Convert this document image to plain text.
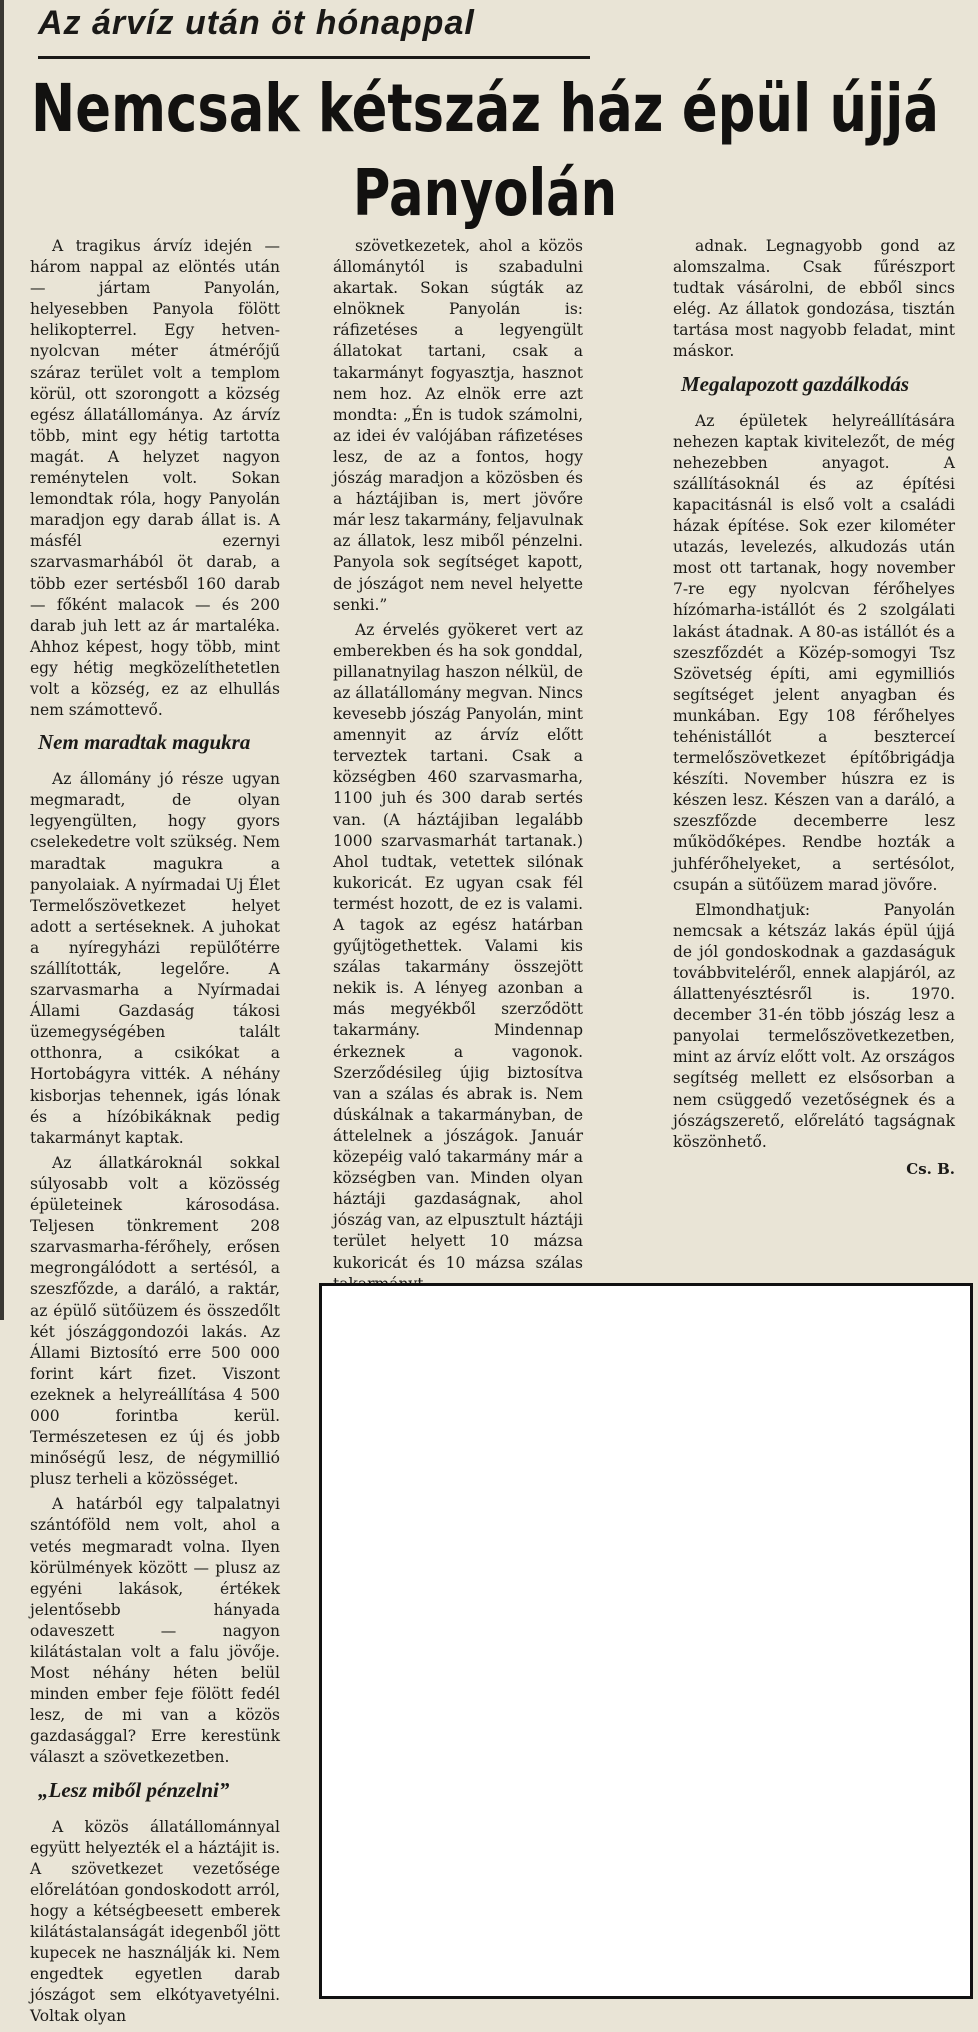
Az árvíz után öt hónappal
Nemcsak kétszáz ház épül újjá
Panyolán

A tragikus árvíz idején — három nappal az elöntés után — jártam Panyolán, helyesebben Panyola fölött helikopterrel. Egy hetven-nyolcvan méter átmérőjű száraz terület volt a templom körül, ott szorongott a község egész állatállománya. Az árvíz több, mint egy hétig tartotta magát. A helyzet nagyon reménytelen volt. Sokan lemondtak róla, hogy Panyolán maradjon egy darab állat is. A másfél ezernyi szarvasmarhából öt darab, a több ezer sertésből 160 darab — főként malacok — és 200 darab juh lett az ár martaléka. Ahhoz képest, hogy több, mint egy hétig megközelíthetetlen volt a község, ez az elhullás nem számottevő.

Nem maradtak magukra

Az állomány jó része ugyan megmaradt, de olyan legyengülten, hogy gyors cselekedetre volt szükség. Nem maradtak magukra a panyolaiak. A nyírmadai Uj Élet Termelőszövetkezet helyet adott a sertéseknek. A juhokat a nyíregyházi repülőtérre szállították, legelőre. A szarvasmarha a Nyírmadai Állami Gazdaság tákosi üzemegységében talált otthonra, a csikókat a Hortobágyra vitték. A néhány kisborjas tehennek, igás lónak és a hízóbikáknak pedig takarmányt kaptak.

Az állatkároknál sokkal súlyosabb volt a közösség épületeinek károsodása. Teljesen tönkrement 208 szarvasmarha-férőhely, erősen megrongálódott a sertésól, a szeszfőzde, a daráló, a raktár, az épülő sütőüzem és összedőlt két jószággondozói lakás. Az Állami Biztosító erre 500 000 forint kárt fizet. Viszont ezeknek a helyreállítása 4 500 000 forintba kerül. Természetesen ez új és jobb minőségű lesz, de négymillió plusz terheli a közösséget.

A határból egy talpalatnyi szántóföld nem volt, ahol a vetés megmaradt volna. Ilyen körülmények között — plusz az egyéni lakások, értékek jelentősebb hányada odaveszett — nagyon kilátástalan volt a falu jövője. Most néhány héten belül minden ember feje fölött fedél lesz, de mi van a közös gazdasággal? Erre kerestünk választ a szövetkezetben.

„Lesz miből pénzelni”

A közös állatállománnyal együtt helyezték el a háztájit is. A szövetkezet vezetősége előrelátóan gondoskodott arról, hogy a kétségbeesett emberek kilátástalanságát idegenből jött kupecek ne használják ki. Nem engedtek egyetlen darab jószágot sem elkótyavetyélni. Voltak olyan

szövetkezetek, ahol a közös állománytól is szabadulni akartak. Sokan súgták az elnöknek Panyolán is: ráfizetéses a legyengült állatokat tartani, csak a takarmányt fogyasztja, hasznot nem hoz. Az elnök erre azt mondta: „Én is tudok számolni, az idei év valójában ráfizetéses lesz, de az a fontos, hogy jószág maradjon a közösben és a háztájiban is, mert jövőre már lesz takarmány, feljavulnak az állatok, lesz miből pénzelni. Panyola sok segítséget kapott, de jószágot nem nevel helyette senki.”

Az érvelés gyökeret vert az emberekben és ha sok gonddal, pillanatnyilag haszon nélkül, de az állatállomány megvan. Nincs kevesebb jószág Panyolán, mint amennyit az árvíz előtt terveztek tartani. Csak a községben 460 szarvasmarha, 1100 juh és 300 darab sertés van. (A háztájiban legalább 1000 szarvasmarhát tartanak.) Ahol tudtak, vetettek silónak kukoricát. Ez ugyan csak fél termést hozott, de ez is valami. A tagok az egész határban gyűjtögethettek. Valami kis szálas takarmány összejött nekik is. A lényeg azonban a más megyékből szerződött takarmány. Mindennap érkeznek a vagonok. Szerződésileg újig biztosítva van a szálas és abrak is. Nem dúskálnak a takarmányban, de áttelelnek a jószágok. Január közepéig való takarmány már a községben van. Minden olyan háztáji gazdaságnak, ahol jószág van, az elpusztult háztáji terület helyett 10 mázsa kukoricát és 10 mázsa szálas

adnak. Legnagyobb gond az alomszalma. Csak fűrészport tudtak vásárolni, de ebből sincs elég. Az állatok gondozása, tisztán tartása most nagyobb feladat, mint máskor.

Megalapozott gazdálkodás

Az épületek helyreállítására nehezen kaptak kivitelezőt, de még nehezebben anyagot. A szállításoknál és az építési kapacitásnál is első volt a családi házak építése. Sok ezer kilométer utazás, levelezés, alkudozás után most ott tartanak, hogy november 7-re egy nyolcvan férőhelyes hízómarha-istállót és 2 szolgálati lakást átadnak. A 80-as istállót és a szeszfőzdét a Közép-somogyi Tsz Szövetség építi, ami egymilliós segítséget jelent anyagban és munkában. Egy 108 férőhelyes tehénistállót a beszterceí termelőszövetkezet építőbrigádja készíti. November húszra ez is készen lesz. Készen van a daráló, a szeszfőzde decemberre lesz működőképes. Rendbe hozták a juhférőhelyeket, a sertésólot, csupán a sütőüzem marad jövőre.

Elmondhatjuk: Panyolán nemcsak a kétszáz lakás épül újjá de jól gondoskodnak a gazdaságuk továbbviteléről, ennek alapjáról, az állattenyésztésről is. 1970. december 31-én több jószág lesz a panyolai termelőszövetkezetben, mint az árvíz előtt volt. Az országos segítség mellett ez elsősorban a nem csüggedő vezetőségnek és a jószágszerető, előrelátó tagságnak köszönhető.

Cs. B.
